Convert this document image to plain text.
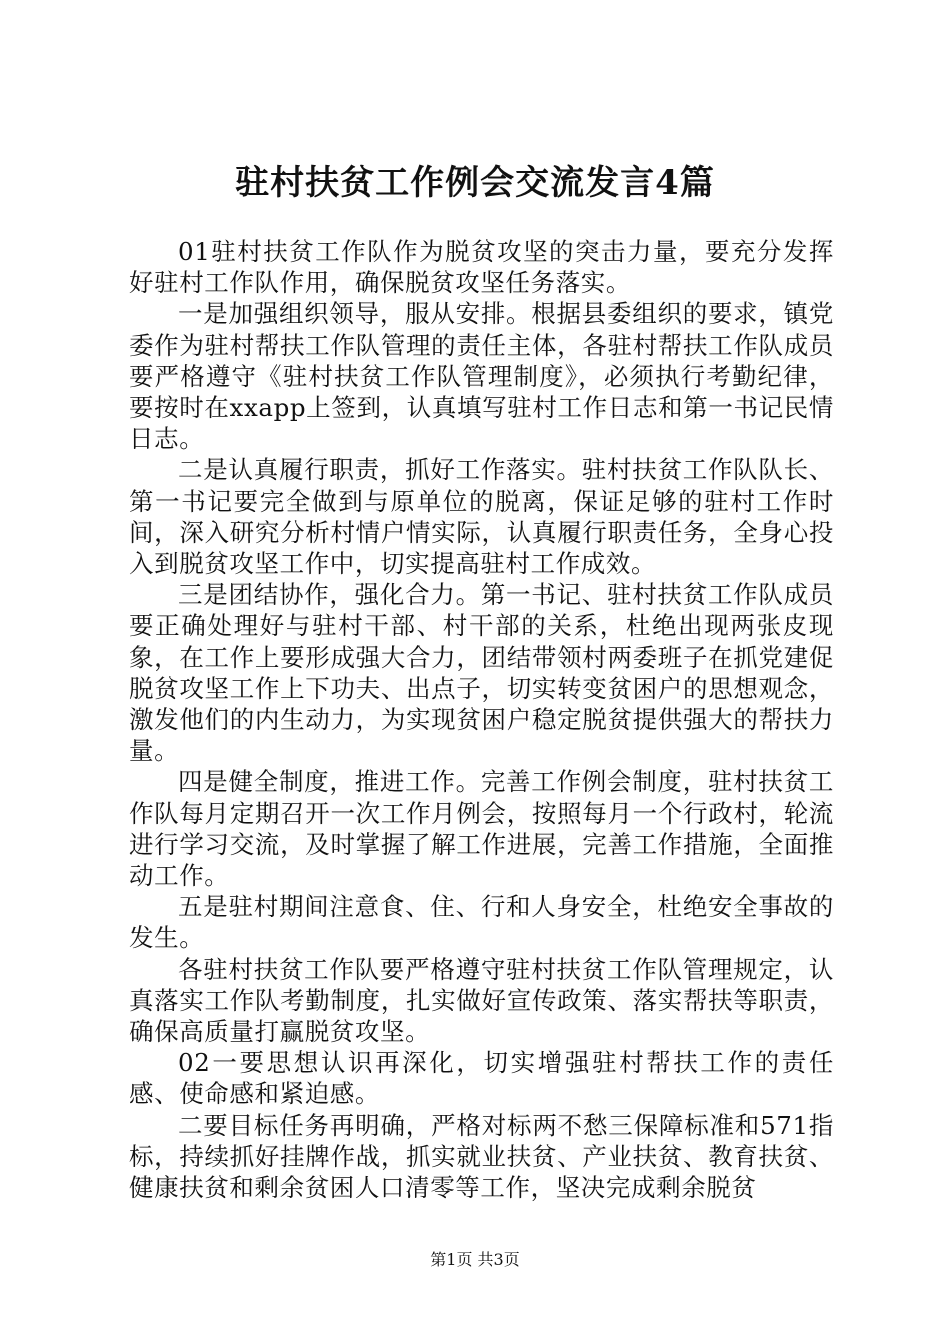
驻村扶贫工作例会交流发言4篇

01驻村扶贫工作队作为脱贫攻坚的突击力量，要充分发挥好驻村工作队作用，确保脱贫攻坚任务落实。

一是加强组织领导，服从安排。根据县委组织的要求，镇党委作为驻村帮扶工作队管理的责任主体，各驻村帮扶工作队成员要严格遵守《驻村扶贫工作队管理制度》，必须执行考勤纪律，要按时在xxapp上签到，认真填写驻村工作日志和第一书记民情日志。

二是认真履行职责，抓好工作落实。驻村扶贫工作队队长、第一书记要完全做到与原单位的脱离，保证足够的驻村工作时间，深入研究分析村情户情实际，认真履行职责任务，全身心投入到脱贫攻坚工作中，切实提高驻村工作成效。

三是团结协作，强化合力。第一书记、驻村扶贫工作队成员要正确处理好与驻村干部、村干部的关系，杜绝出现两张皮现象，在工作上要形成强大合力，团结带领村两委班子在抓党建促脱贫攻坚工作上下功夫、出点子，切实转变贫困户的思想观念，激发他们的内生动力，为实现贫困户稳定脱贫提供强大的帮扶力量。

四是健全制度，推进工作。完善工作例会制度，驻村扶贫工作队每月定期召开一次工作月例会，按照每月一个行政村，轮流进行学习交流，及时掌握了解工作进展，完善工作措施，全面推动工作。

五是驻村期间注意食、住、行和人身安全，杜绝安全事故的发生。

各驻村扶贫工作队要严格遵守驻村扶贫工作队管理规定，认真落实工作队考勤制度，扎实做好宣传政策、落实帮扶等职责，确保高质量打赢脱贫攻坚。

02一要思想认识再深化，切实增强驻村帮扶工作的责任感、使命感和紧迫感。

二要目标任务再明确，严格对标两不愁三保障标准和571指标，持续抓好挂牌作战，抓实就业扶贫、产业扶贫、教育扶贫、健康扶贫和剩余贫困人口清零等工作，坚决完成剩余脱贫

第1页 共3页
